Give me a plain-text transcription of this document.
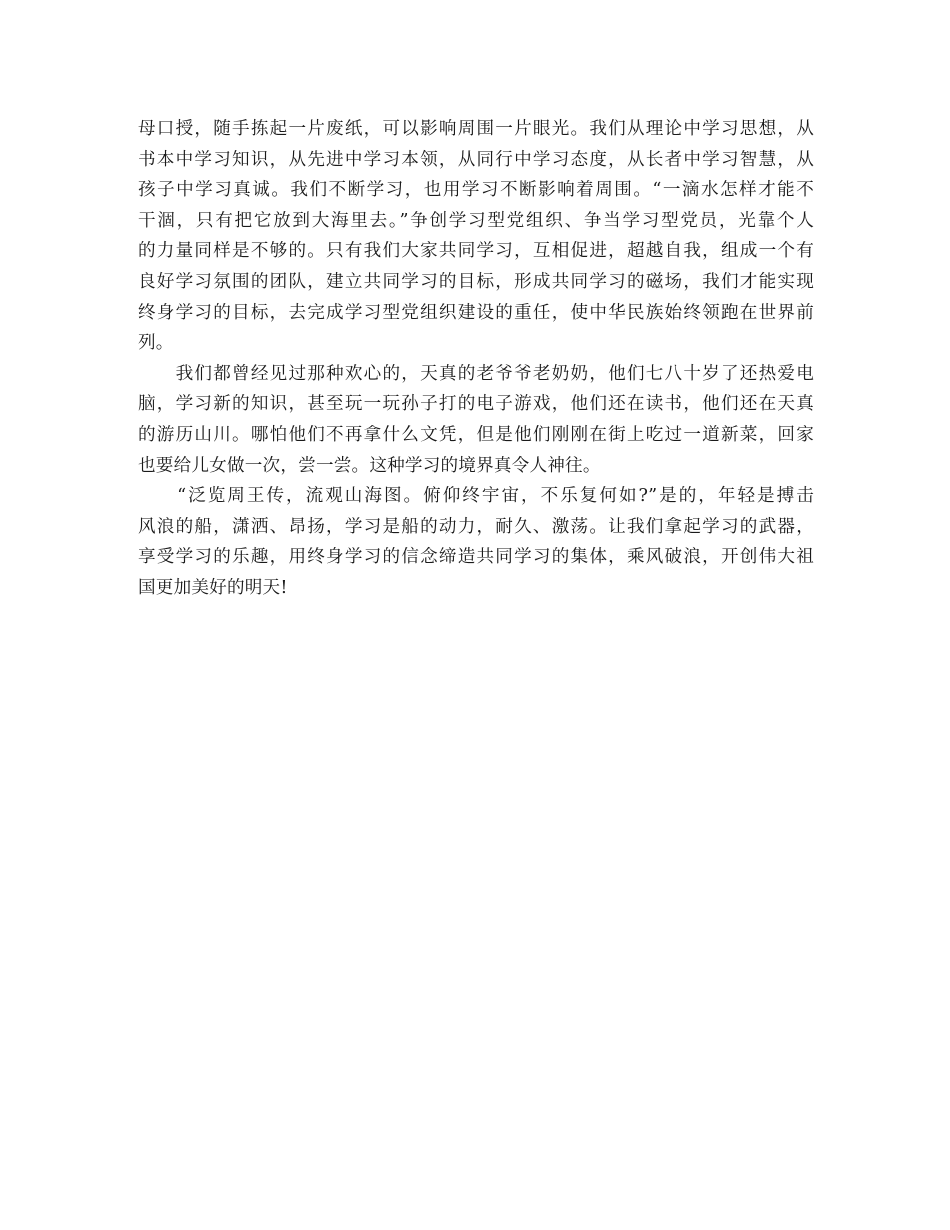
母口授，随手拣起一片废纸，可以影响周围一片眼光。我们从理论中学习思想，从
书本中学习知识，从先进中学习本领，从同行中学习态度，从长者中学习智慧，从
孩子中学习真诚。我们不断学习，也用学习不断影响着周围。“一滴水怎样才能不
干涸，只有把它放到大海里去。”争创学习型党组织、争当学习型党员，光靠个人
的力量同样是不够的。只有我们大家共同学习，互相促进，超越自我，组成一个有
良好学习氛围的团队，建立共同学习的目标，形成共同学习的磁场，我们才能实现
终身学习的目标，去完成学习型党组织建设的重任，使中华民族始终领跑在世界前
列。
　　我们都曾经见过那种欢心的，天真的老爷爷老奶奶，他们七八十岁了还热爱电
脑，学习新的知识，甚至玩一玩孙子打的电子游戏，他们还在读书，他们还在天真
的游历山川。哪怕他们不再拿什么文凭，但是他们刚刚在街上吃过一道新菜，回家
也要给儿女做一次，尝一尝。这种学习的境界真令人神往。
　　“泛览周王传，流观山海图。俯仰终宇宙，不乐复何如?”是的，年轻是搏击
风浪的船，潇洒、昂扬，学习是船的动力，耐久、激荡。让我们拿起学习的武器，
享受学习的乐趣，用终身学习的信念缔造共同学习的集体，乘风破浪，开创伟大祖
国更加美好的明天!
